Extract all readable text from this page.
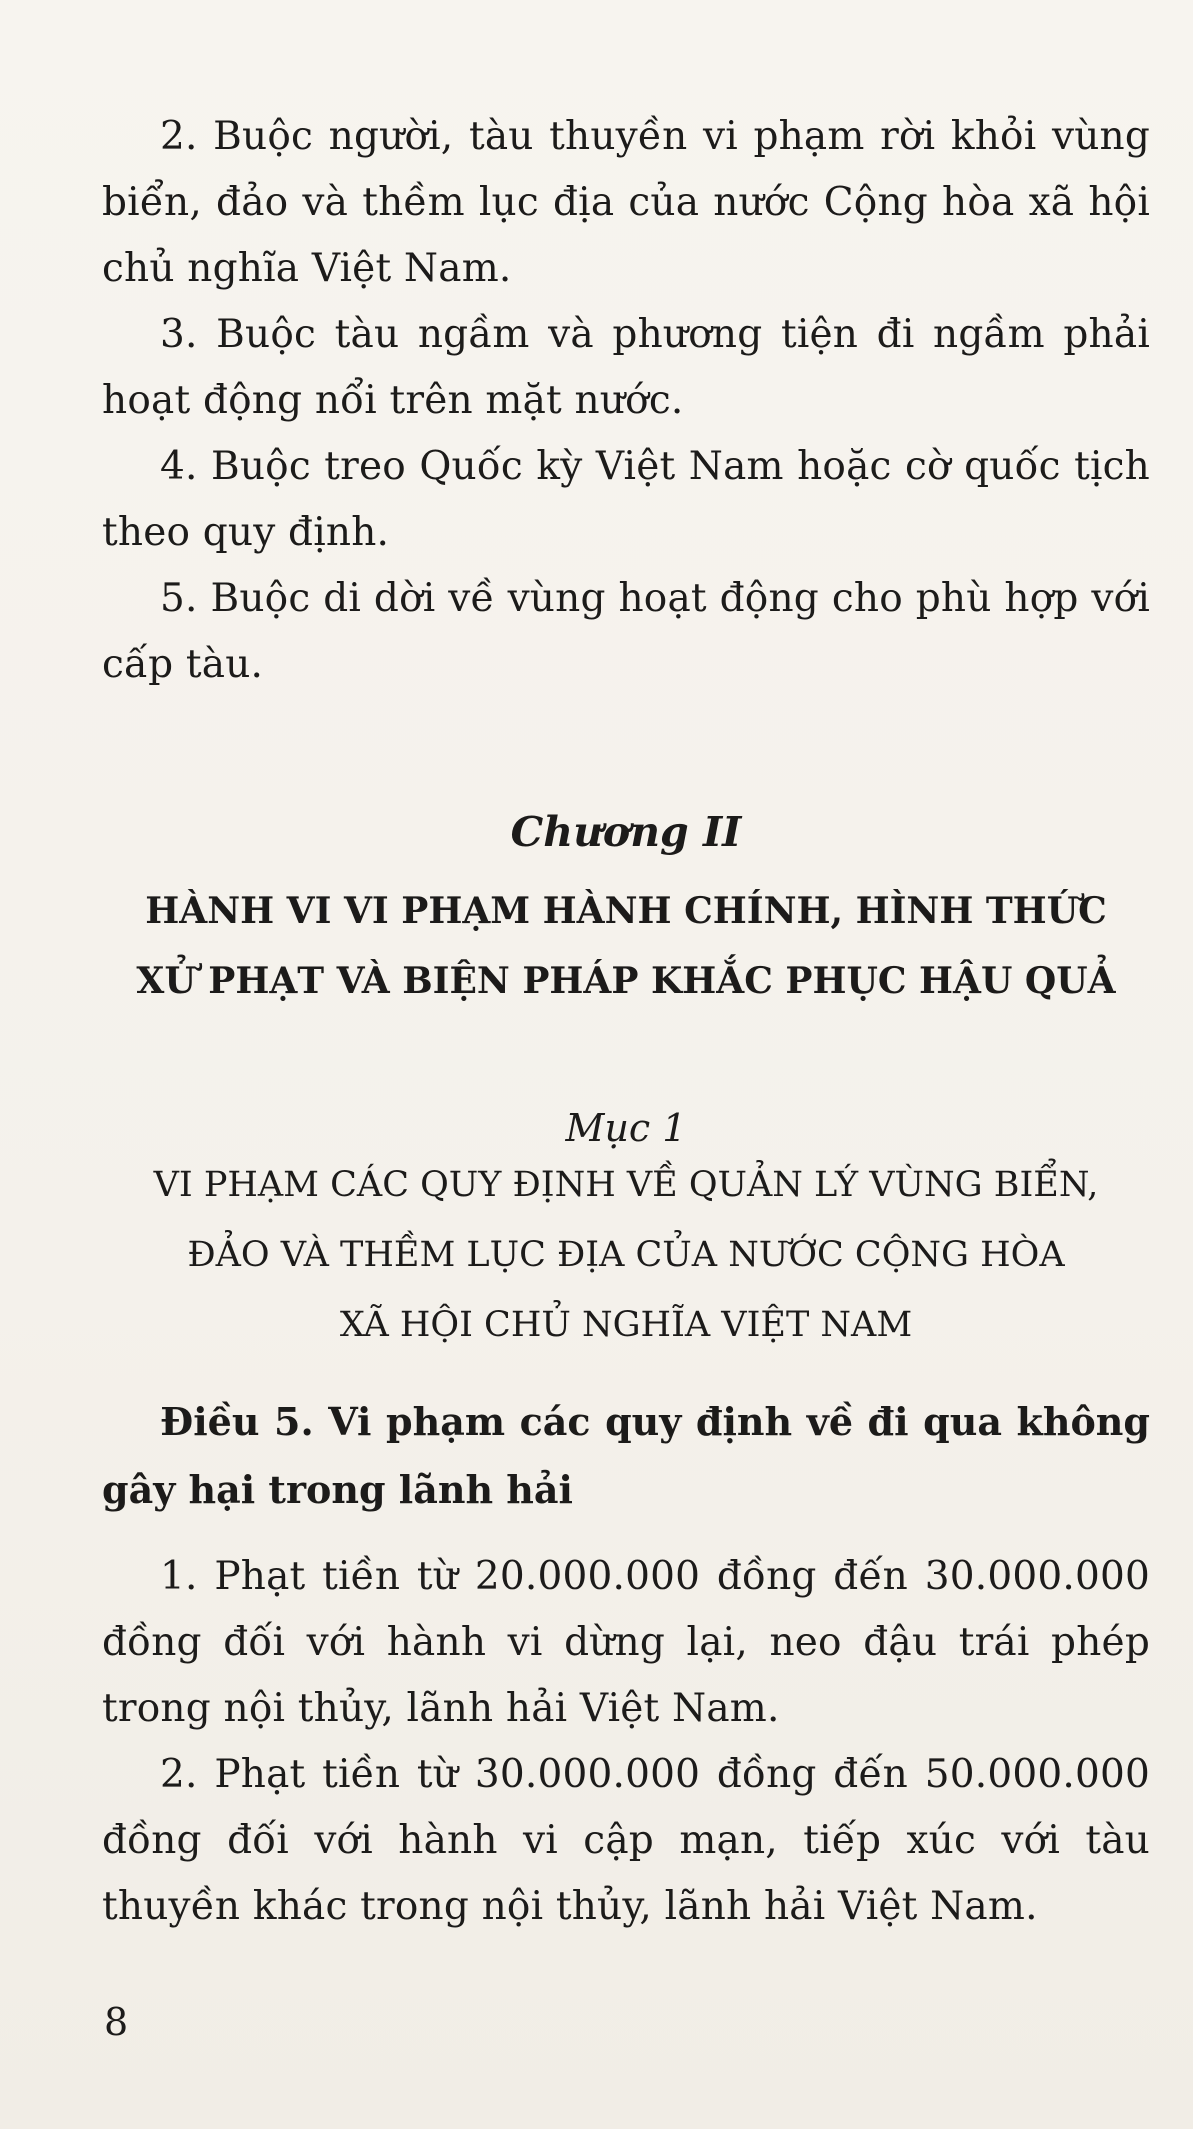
2. Buộc người, tàu thuyền vi phạm rời khỏi vùng biển, đảo và thềm lục địa của nước Cộng hòa xã hội chủ nghĩa Việt Nam.

3. Buộc tàu ngầm và phương tiện đi ngầm phải hoạt động nổi trên mặt nước.

4. Buộc treo Quốc kỳ Việt Nam hoặc cờ quốc tịch theo quy định.

5. Buộc di dời về vùng hoạt động cho phù hợp với cấp tàu.

Chương II
HÀNH VI VI PHẠM HÀNH CHÍNH, HÌNH THỨC
XỬ PHẠT VÀ BIỆN PHÁP KHẮC PHỤC HẬU QUẢ
Mục 1
VI PHẠM CÁC QUY ĐỊNH VỀ QUẢN LÝ VÙNG BIỂN,
ĐẢO VÀ THỀM LỤC ĐỊA CỦA NƯỚC CỘNG HÒA
XÃ HỘI CHỦ NGHĨA VIỆT NAM

Điều 5. Vi phạm các quy định về đi qua không gây hại trong lãnh hải

1. Phạt tiền từ 20.000.000 đồng đến 30.000.000 đồng đối với hành vi dừng lại, neo đậu trái phép trong nội thủy, lãnh hải Việt Nam.

2. Phạt tiền từ 30.000.000 đồng đến 50.000.000 đồng đối với hành vi cập mạn, tiếp xúc với tàu thuyền khác trong nội thủy, lãnh hải Việt Nam.

8
